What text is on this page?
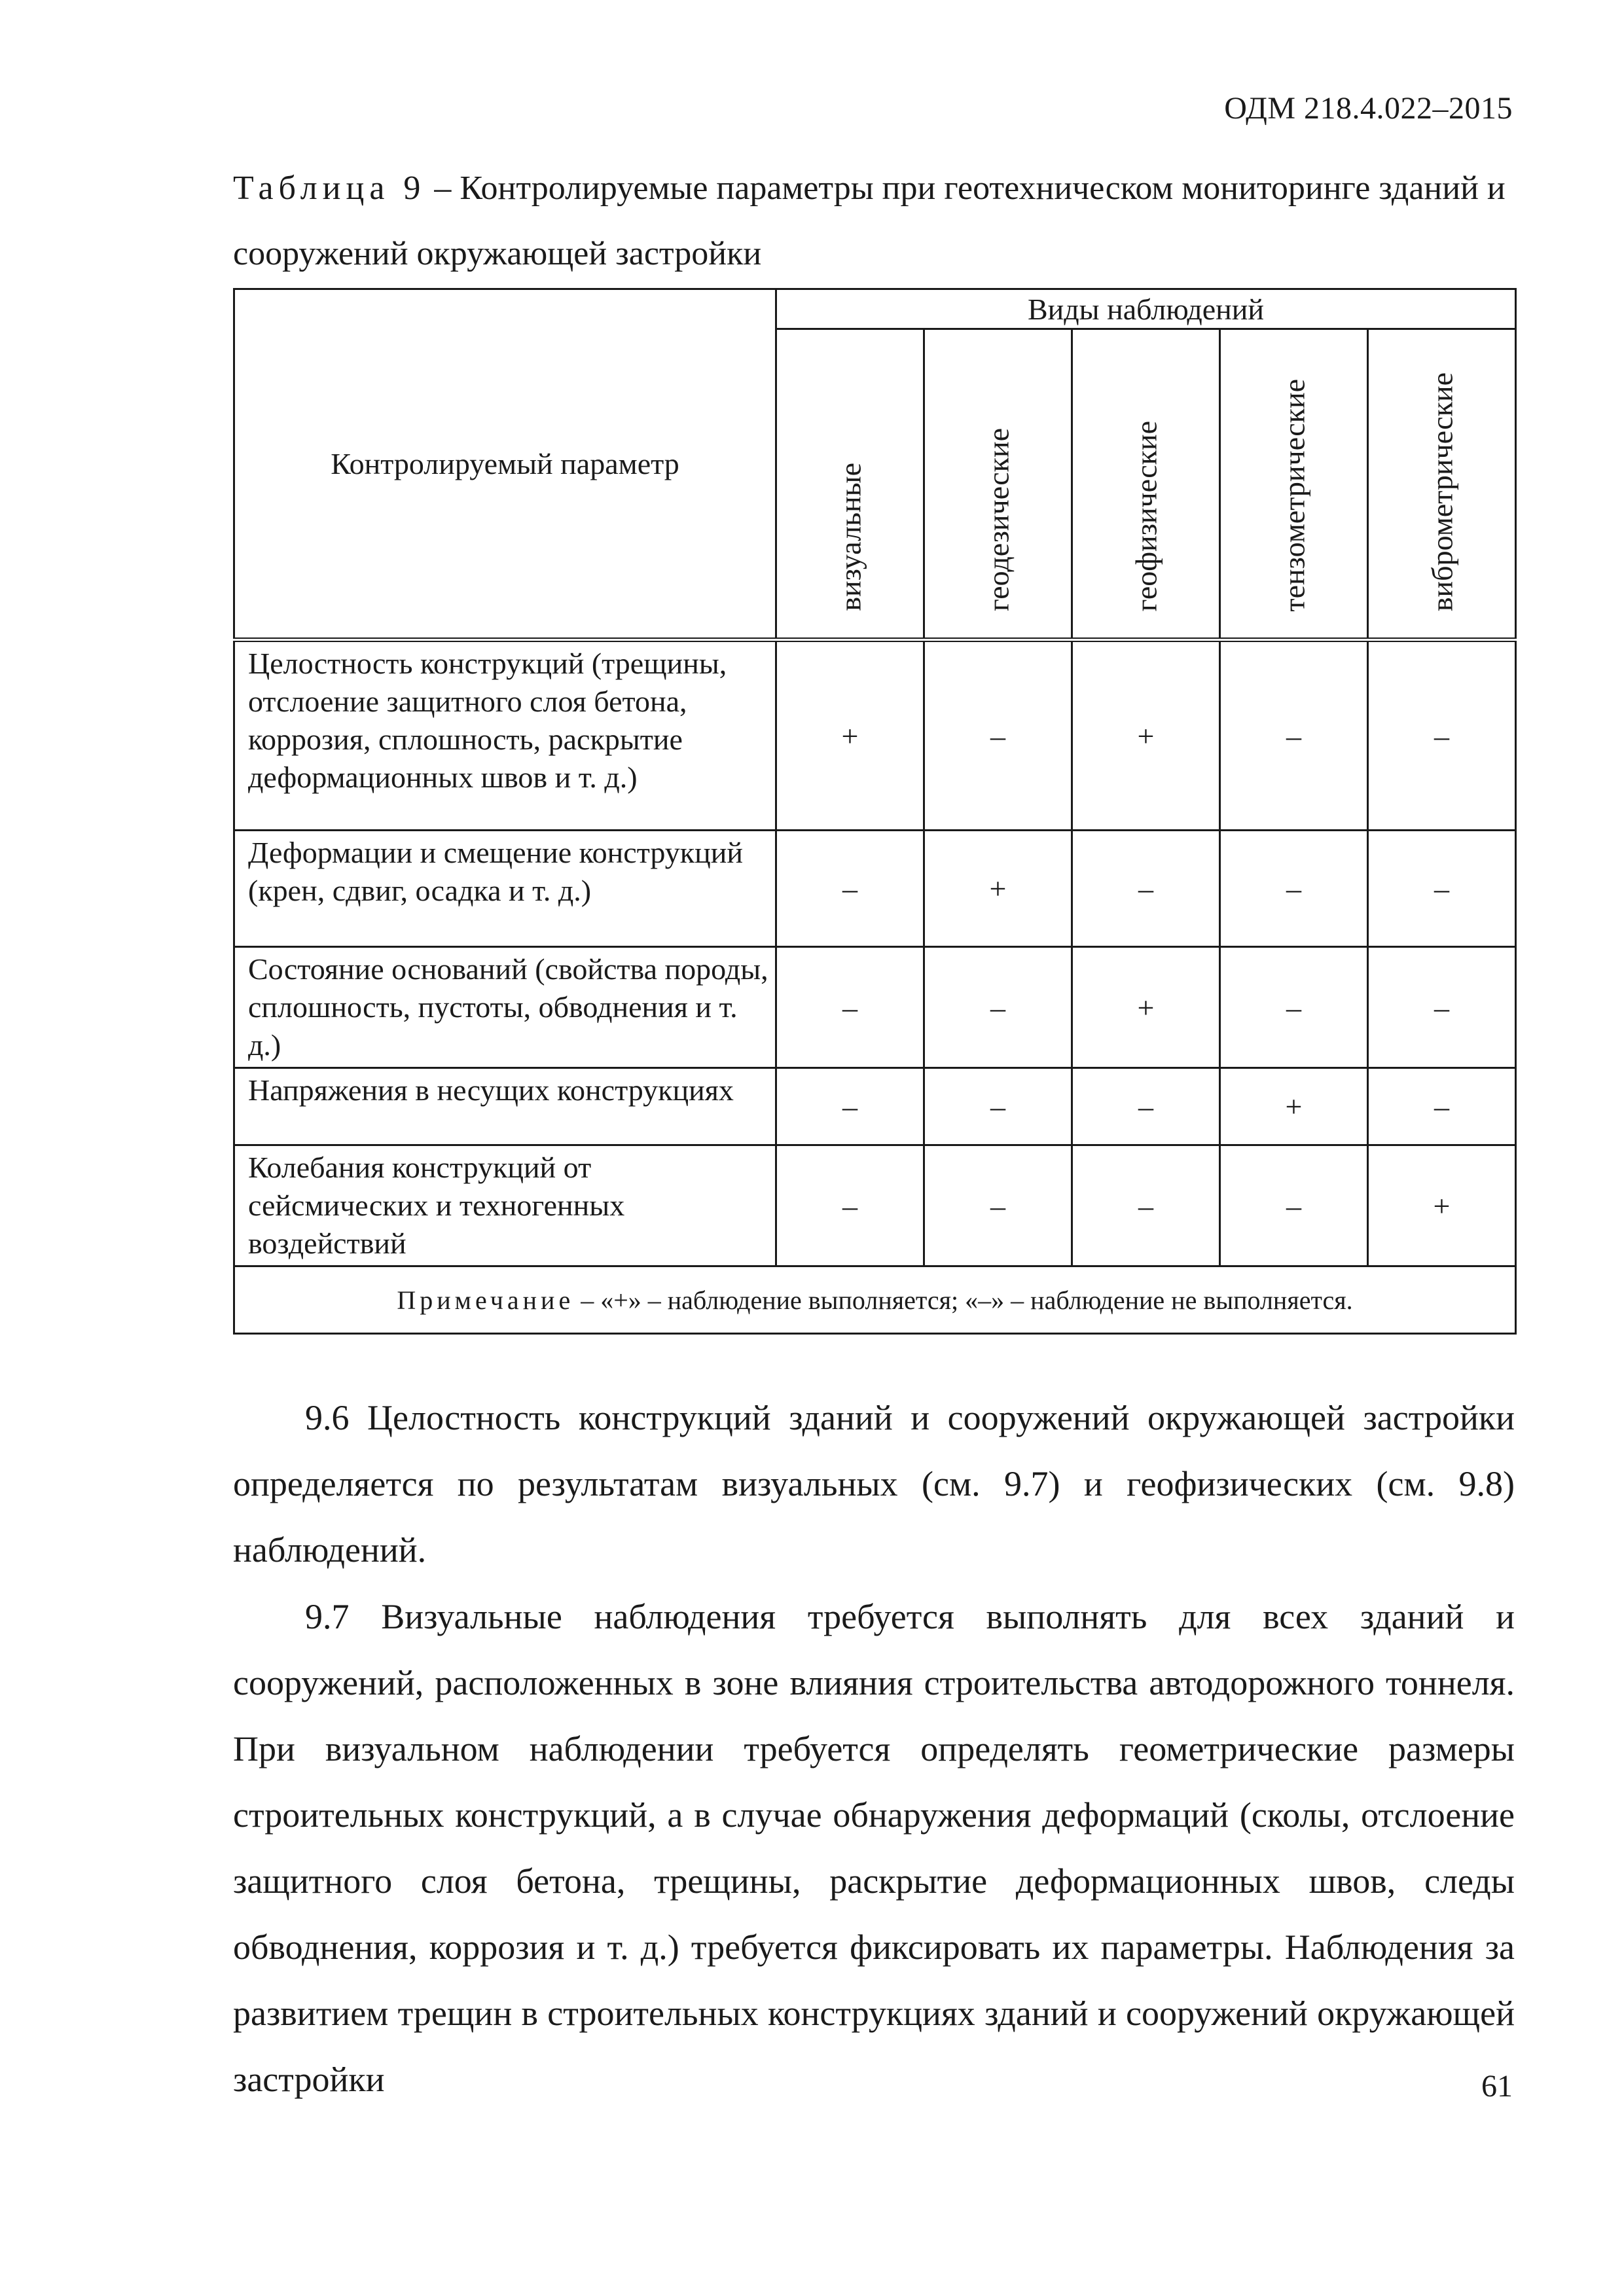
ОДМ 218.4.022–2015
Таблица 9 – Контролируемые параметры при геотехническом мониторинге зданий и сооружений окружающей застройки
Контролируемый параметр	Виды наблюдений				

	визуальные	геодезические	геофизические	тензометрические	виброметрические

Целостность конструкций (трещины, отслоение защитного слоя бетона, коррозия, сплошность, раскрытие деформационных швов и т. д.)	+	–	+	–	–
Деформации и смещение конструкций (крен, сдвиг, осадка и т. д.)	–	+	–	–	–
Состояние оснований (свойства породы, сплошность, пустоты, обводнения и т. д.)	–	–	+	–	–
Напряжения в несущих конструкциях	–	–	–	+	–
Колебания конструкций от сейсмических и техногенных воздействий	–	–	–	–	+
Примечание – «+» – наблюдение выполняется; «–» – наблюдение не выполняется.					
9.6 Целостность конструкций зданий и сооружений окружающей застройки определяется по результатам визуальных (см. 9.7) и геофизических (см. 9.8) наблюдений.
9.7 Визуальные наблюдения требуется выполнять для всех зданий и сооружений, расположенных в зоне влияния строительства автодорожного тоннеля. При визуальном наблюдении требуется определять геометрические размеры строительных конструкций, а в случае обнаружения деформаций (сколы, отслоение защитного слоя бетона, трещины, раскрытие деформационных швов, следы обводнения, коррозия и т. д.) требуется фиксировать их параметры. Наблюдения за развитием трещин в строительных конструкциях зданий и сооружений окружающей застройки	61
